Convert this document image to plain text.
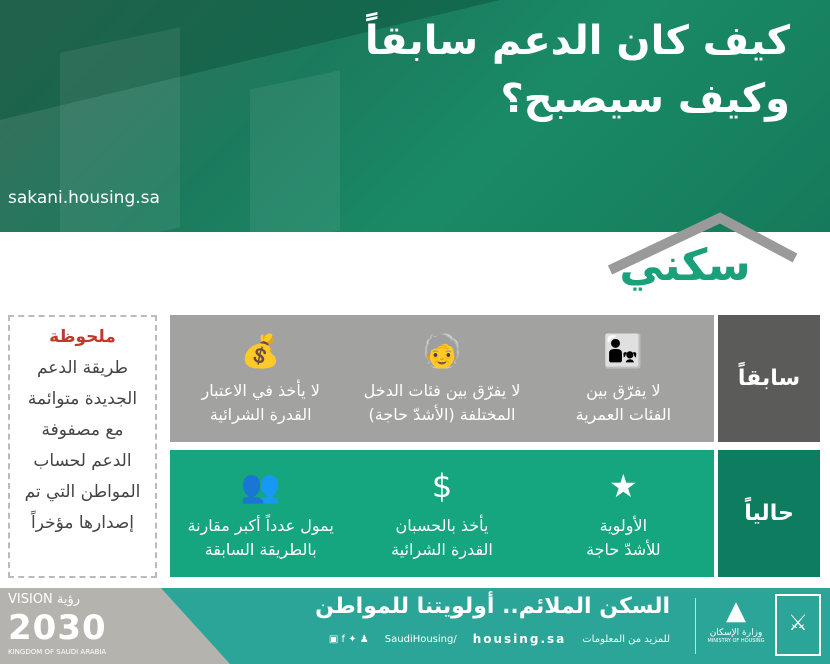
كيف كان الدعم سابقاً
وكيف سيصبح؟
sakani.housing.sa
سكني
ملحوظة

طريقة الدعم
الجديدة متوائمة
مع مصفوفة
الدعم لحساب
المواطن التي تم
إصدارها مؤخراً

سابقاً
👨‍👧
لا يفرّق بين
الفئات العمرية
🧓
لا يفرّق بين فئات الدخل
المختلفة (الأشدّ حاجة)
💰
لا يأخذ في الاعتبار
القدرة الشرائية
حالياً
★
الأولوية
للأشدّ حاجة
$
يأخذ بالحسبان
القدرة الشرائية
👥
يمول عدداً أكبر مقارنة
بالطريقة السابقة
VISION رؤية
2030
KINGDOM OF SAUDI ARABIA
السكن الملائم.. أولويتنا للمواطن
للمزيد من المعلومات
housing.sa
/SaudiHousing
♟ ✦ f ▣
▲
وزارة الإسكان
MINISTRY OF HOUSING
⚔
